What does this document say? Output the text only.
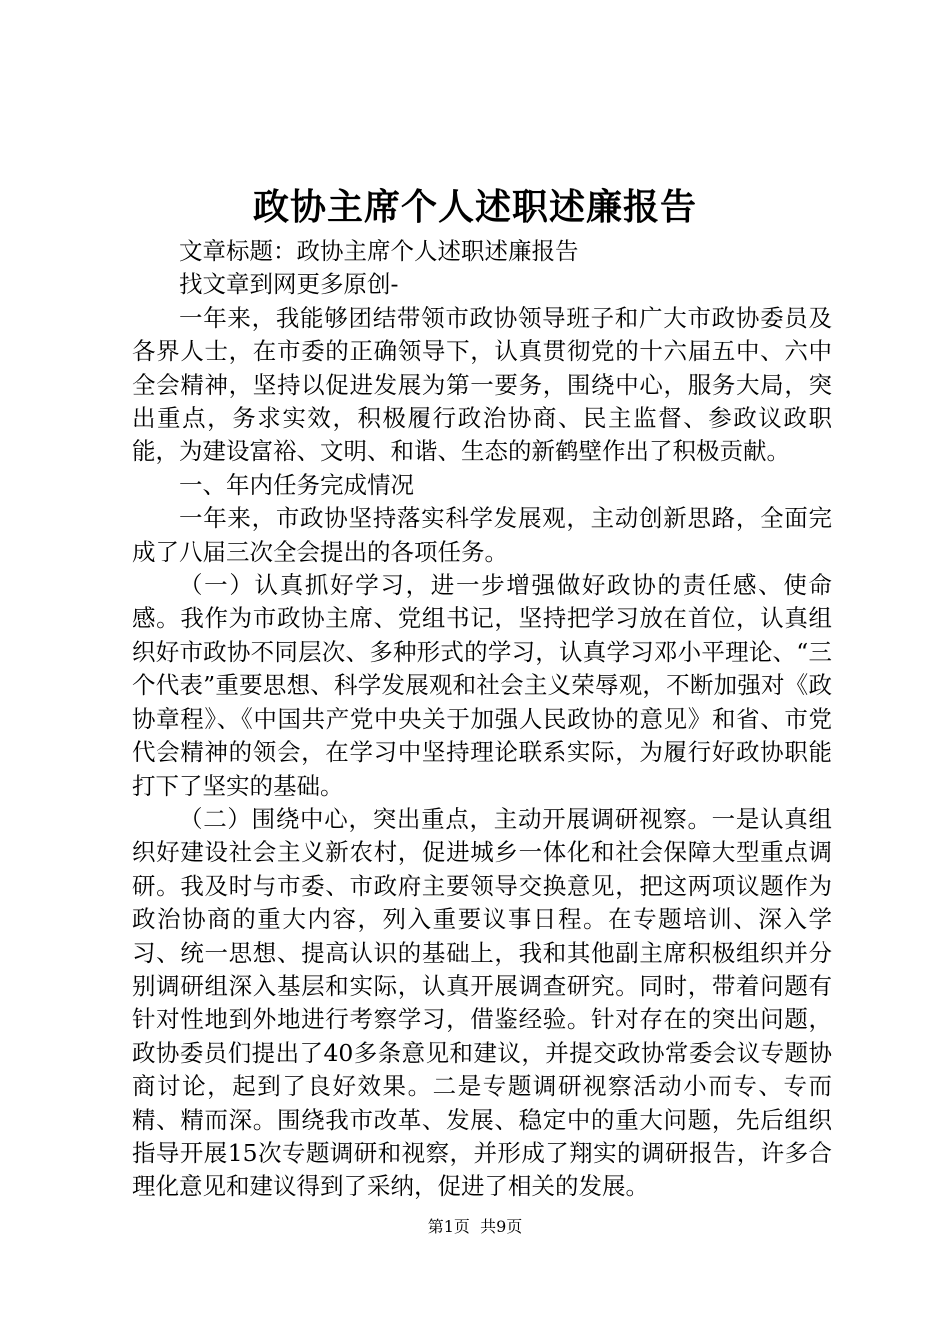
政协主席个人述职述廉报告

文章标题：政协主席个人述职述廉报告

找文章到网更多原创-

一年来，我能够团结带领市政协领导班子和广大市政协委员及各界人士，在市委的正确领导下，认真贯彻党的十六届五中、六中全会精神，坚持以促进发展为第一要务，围绕中心，服务大局，突出重点，务求实效，积极履行政治协商、民主监督、参政议政职能，为建设富裕、文明、和谐、生态的新鹤壁作出了积极贡献。

一、年内任务完成情况

一年来，市政协坚持落实科学发展观，主动创新思路，全面完成了八届三次全会提出的各项任务。

（一）认真抓好学习，进一步增强做好政协的责任感、使命感。我作为市政协主席、党组书记，坚持把学习放在首位，认真组织好市政协不同层次、多种形式的学习，认真学习邓小平理论、“三个代表”重要思想、科学发展观和社会主义荣辱观，不断加强对《政协章程》、《中国共产党中央关于加强人民政协的意见》和省、市党代会精神的领会，在学习中坚持理论联系实际，为履行好政协职能打下了坚实的基础。

（二）围绕中心，突出重点，主动开展调研视察。一是认真组织好建设社会主义新农村，促进城乡一体化和社会保障大型重点调研。我及时与市委、市政府主要领导交换意见，把这两项议题作为政治协商的重大内容，列入重要议事日程。在专题培训、深入学习、统一思想、提高认识的基础上，我和其他副主席积极组织并分别调研组深入基层和实际，认真开展调查研究。同时，带着问题有针对性地到外地进行考察学习，借鉴经验。针对存在的突出问题，政协委员们提出了40多条意见和建议，并提交政协常委会议专题协商讨论，起到了良好效果。二是专题调研视察活动小而专、专而精、精而深。围绕我市改革、发展、稳定中的重大问题，先后组织指导开展15次专题调研和视察，并形成了翔实的调研报告，许多合理化意见和建议得到了采纳，促进了相关的发展。

第1页  共9页
